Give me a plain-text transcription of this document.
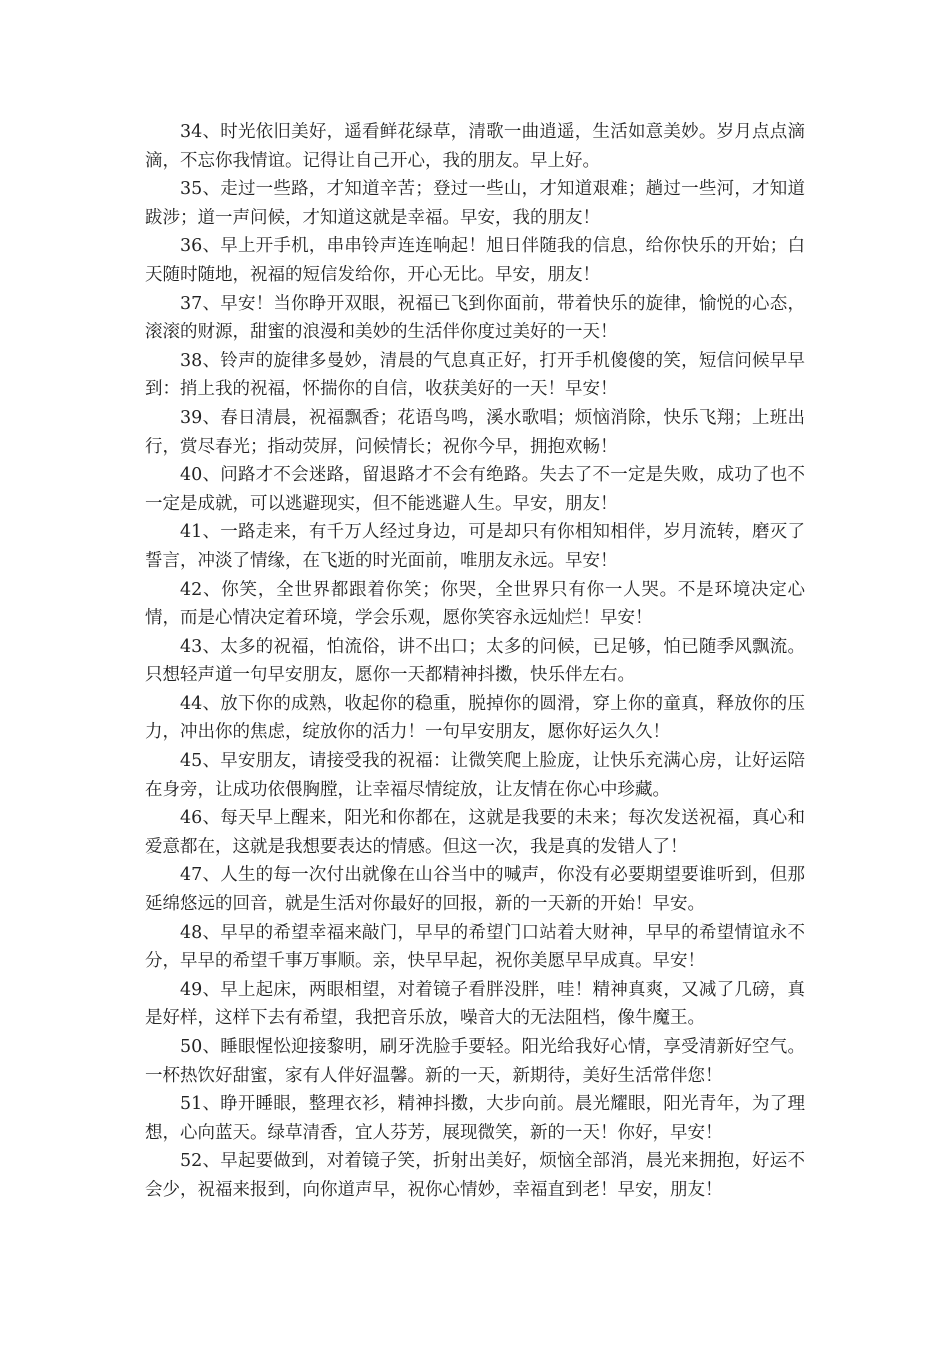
34、时光依旧美好，遥看鲜花绿草，清歌一曲逍遥，生活如意美妙。岁月点点滴滴，不忘你我情谊。记得让自己开心，我的朋友。早上好。

35、走过一些路，才知道辛苦；登过一些山，才知道艰难；趟过一些河，才知道跋涉；道一声问候，才知道这就是幸福。早安，我的朋友！

36、早上开手机，串串铃声连连响起！旭日伴随我的信息，给你快乐的开始；白天随时随地，祝福的短信发给你，开心无比。早安，朋友！

37、早安！当你睁开双眼，祝福已飞到你面前，带着快乐的旋律，愉悦的心态，滚滚的财源，甜蜜的浪漫和美妙的生活伴你度过美好的一天！

38、铃声的旋律多曼妙，清晨的气息真正好，打开手机傻傻的笑，短信问候早早到：捎上我的祝福，怀揣你的自信，收获美好的一天！早安！

39、春日清晨，祝福飘香；花语鸟鸣，溪水歌唱；烦恼消除，快乐飞翔；上班出行，赏尽春光；指动荧屏，问候情长；祝你今早，拥抱欢畅！

40、问路才不会迷路，留退路才不会有绝路。失去了不一定是失败，成功了也不一定是成就，可以逃避现实，但不能逃避人生。早安，朋友！

41、一路走来，有千万人经过身边，可是却只有你相知相伴，岁月流转，磨灭了誓言，冲淡了情缘，在飞逝的时光面前，唯朋友永远。早安！

42、你笑，全世界都跟着你笑；你哭，全世界只有你一人哭。不是环境决定心情，而是心情决定着环境，学会乐观，愿你笑容永远灿烂！早安！

43、太多的祝福，怕流俗，讲不出口；太多的问候，已足够，怕已随季风飘流。只想轻声道一句早安朋友，愿你一天都精神抖擞，快乐伴左右。

44、放下你的成熟，收起你的稳重，脱掉你的圆滑，穿上你的童真，释放你的压力，冲出你的焦虑，绽放你的活力！一句早安朋友，愿你好运久久！

45、早安朋友，请接受我的祝福：让微笑爬上脸庞，让快乐充满心房，让好运陪在身旁，让成功依偎胸膛，让幸福尽情绽放，让友情在你心中珍藏。

46、每天早上醒来，阳光和你都在，这就是我要的未来；每次发送祝福，真心和爱意都在，这就是我想要表达的情感。但这一次，我是真的发错人了！

47、人生的每一次付出就像在山谷当中的喊声，你没有必要期望要谁听到，但那延绵悠远的回音，就是生活对你最好的回报，新的一天新的开始！早安。

48、早早的希望幸福来敲门，早早的希望门口站着大财神，早早的希望情谊永不分，早早的希望千事万事顺。亲，快早早起，祝你美愿早早成真。早安！

49、早上起床，两眼相望，对着镜子看胖没胖，哇！精神真爽，又减了几磅，真是好样，这样下去有希望，我把音乐放，噪音大的无法阻档，像牛魔王。

50、睡眼惺忪迎接黎明，刷牙洗脸手要轻。阳光给我好心情，享受清新好空气。一杯热饮好甜蜜，家有人伴好温馨。新的一天，新期待，美好生活常伴您！

51、睁开睡眼，整理衣衫，精神抖擞，大步向前。晨光耀眼，阳光青年，为了理想，心向蓝天。绿草清香，宜人芬芳，展现微笑，新的一天！你好，早安！

52、早起要做到，对着镜子笑，折射出美好，烦恼全部消，晨光来拥抱，好运不会少，祝福来报到，向你道声早，祝你心情妙，幸福直到老！早安，朋友！
